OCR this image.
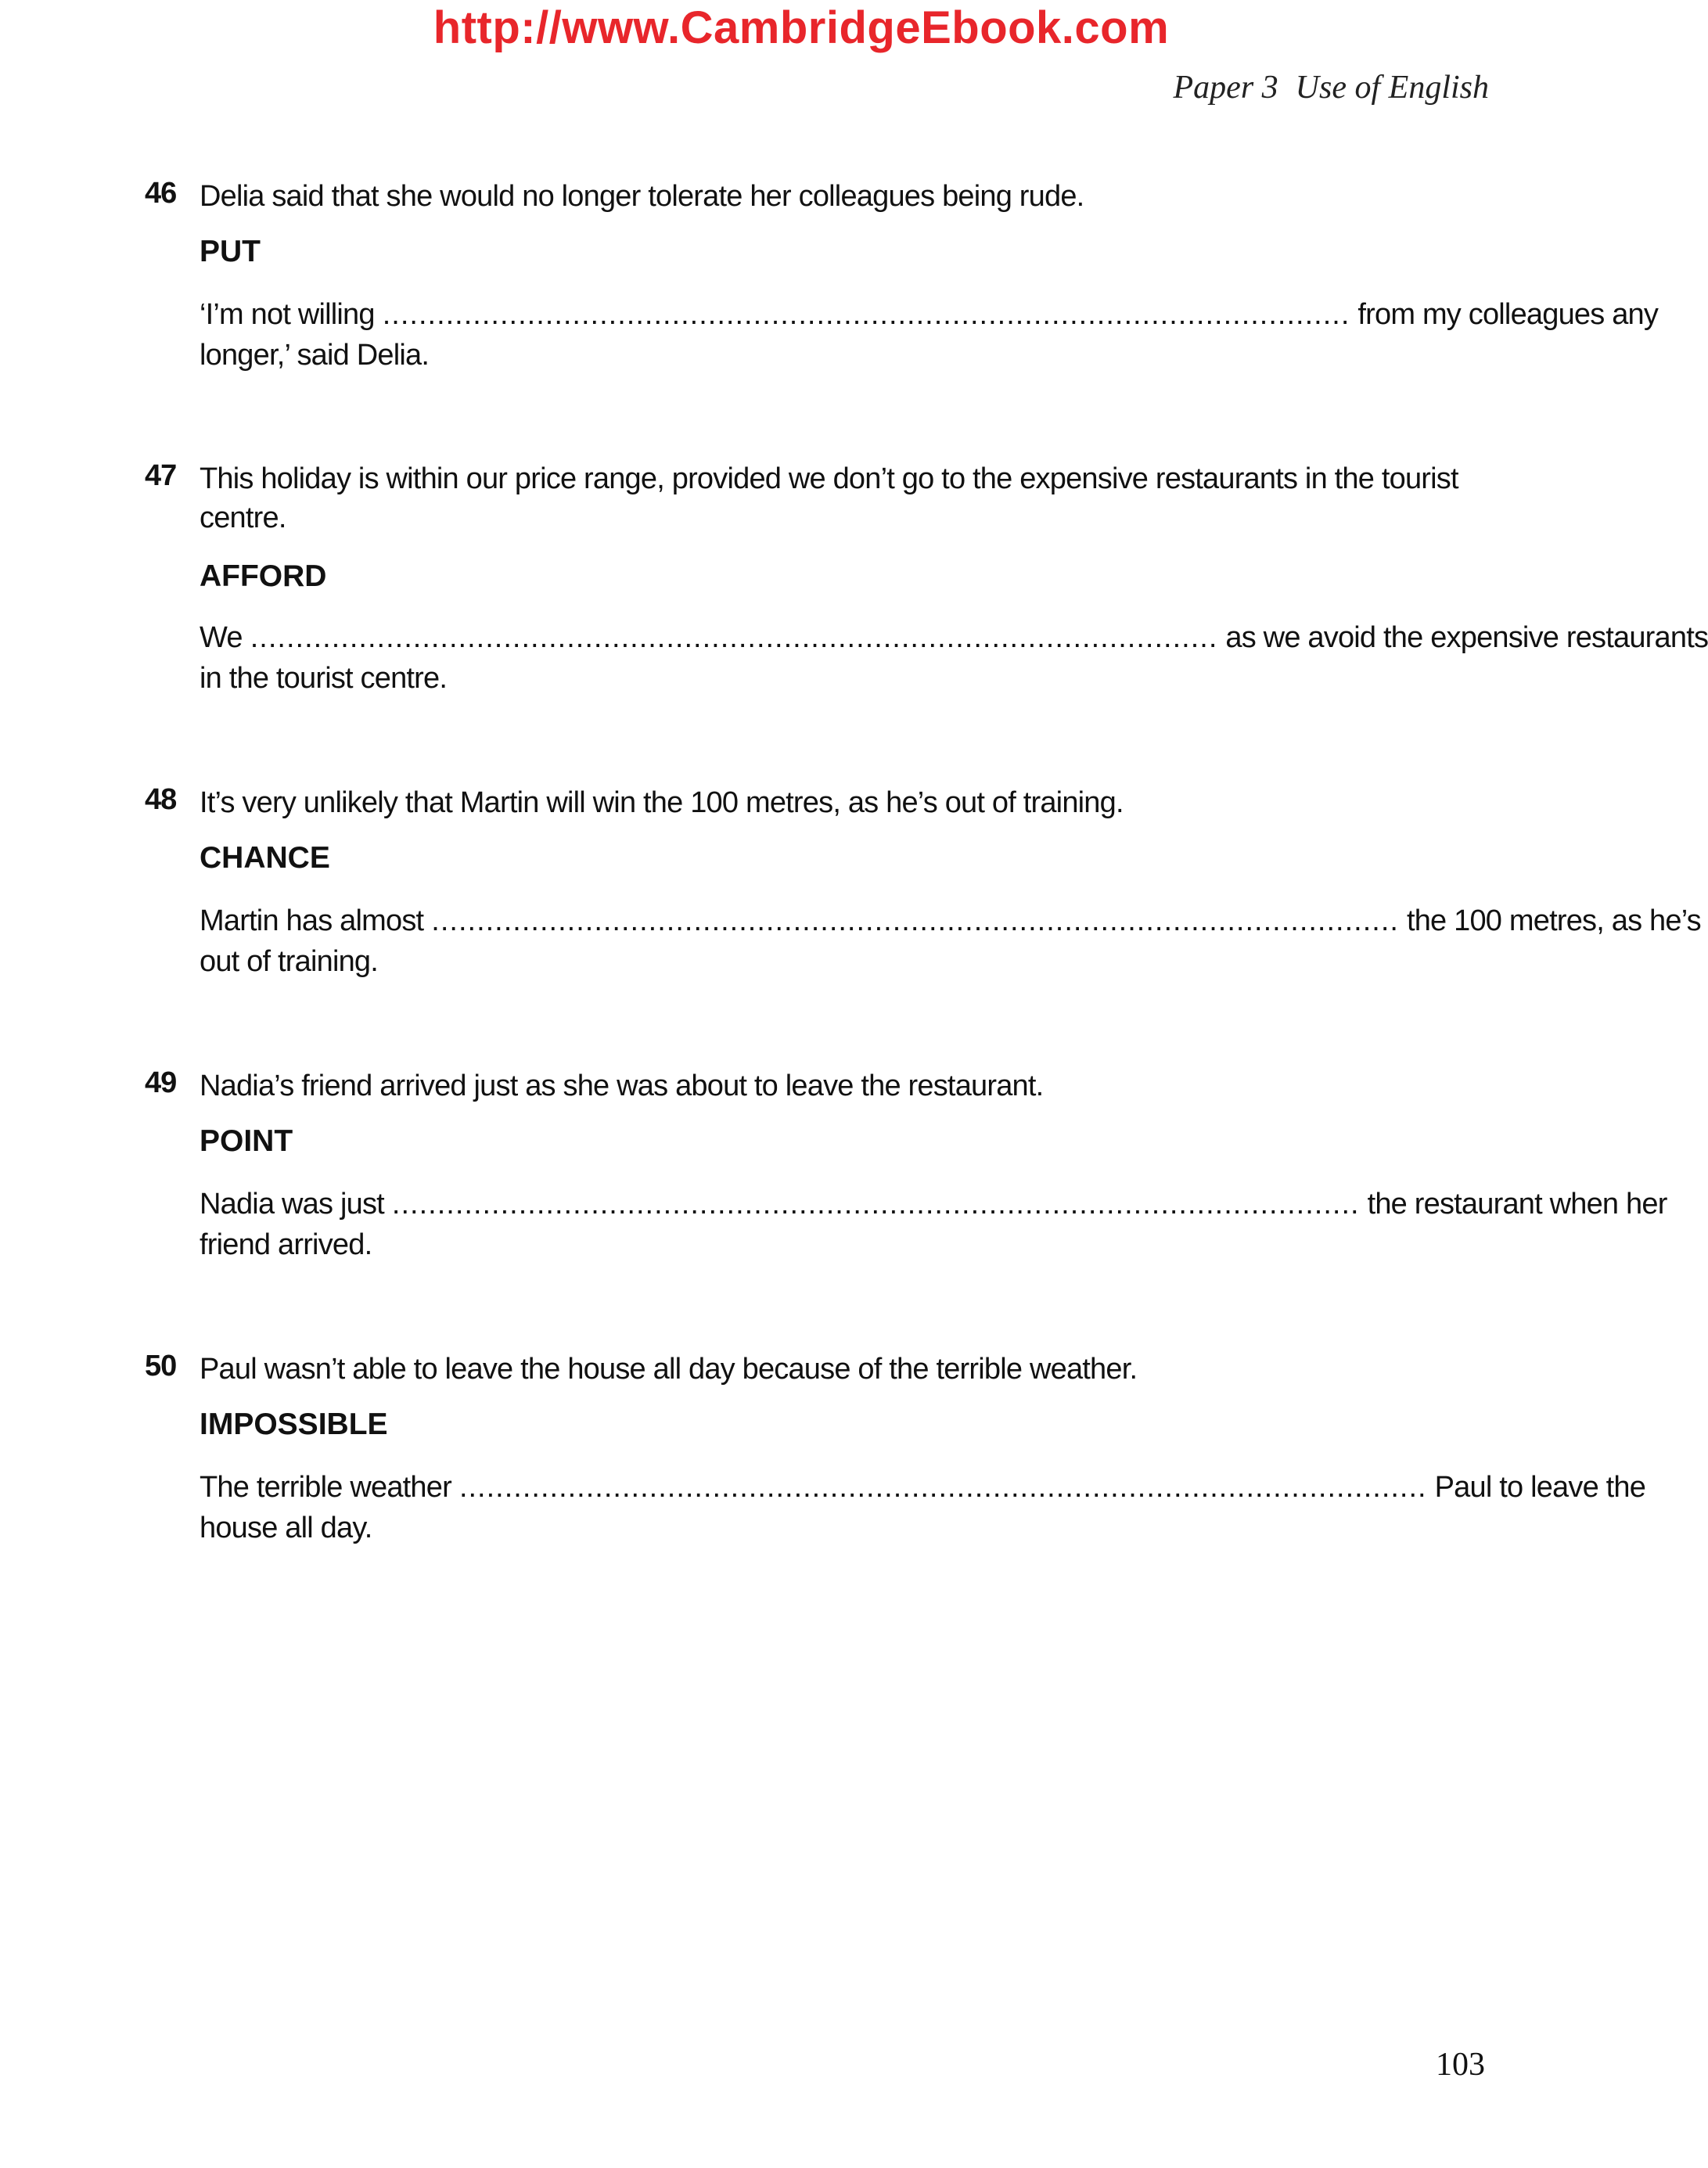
http://www.CambridgeEbook.com
Paper 3 Use of English
46 Delia said that she would no longer tolerate her colleagues being rude.
PUT
‘I’m not willing ........................................................................................................... from my colleagues any
longer,’ said Delia.
47 This holiday is within our price range, provided we don’t go to the expensive restaurants in the tourist centre.
AFFORD
We ........................................................................................................... as we avoid the expensive restaurants
in the tourist centre.
48 It’s very unlikely that Martin will win the 100 metres, as he’s out of training.
CHANCE
Martin has almost ........................................................................................................... the 100 metres, as he’s
out of training.
49 Nadia’s friend arrived just as she was about to leave the restaurant.
POINT
Nadia was just ........................................................................................................... the restaurant when her
friend arrived.
50 Paul wasn’t able to leave the house all day because of the terrible weather.
IMPOSSIBLE
The terrible weather ........................................................................................................... Paul to leave the
house all day.
103
